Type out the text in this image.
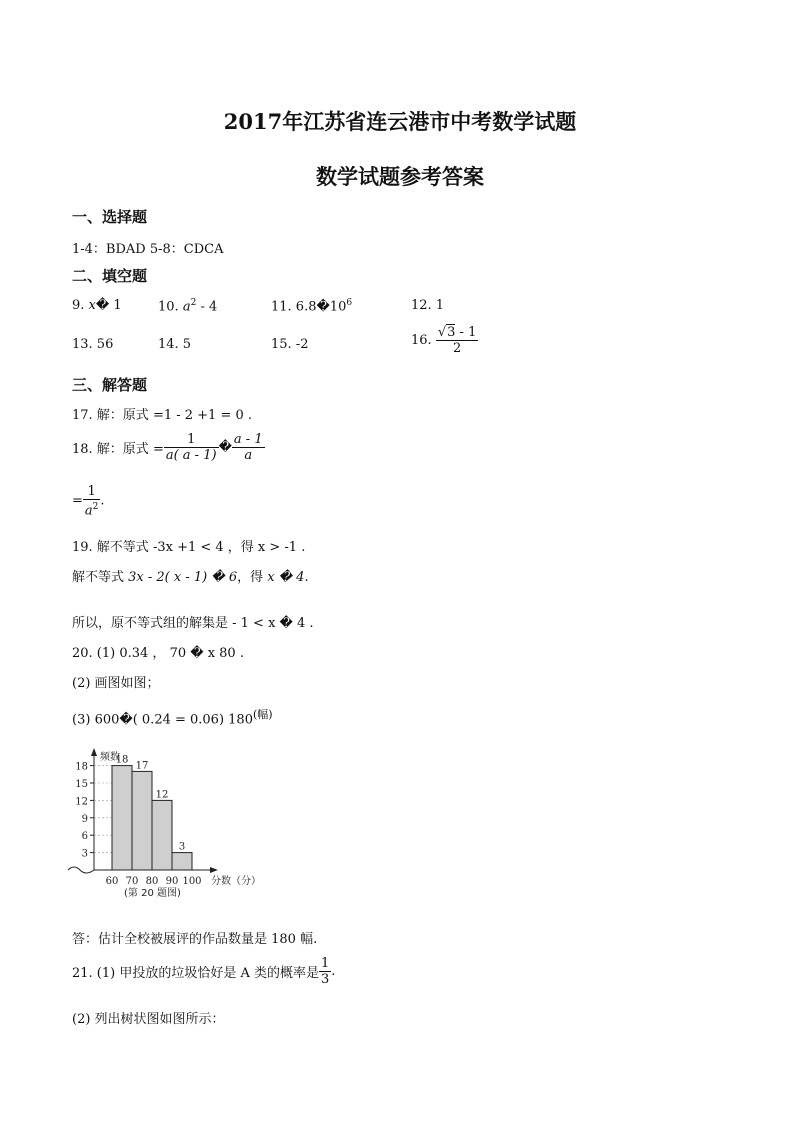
2017年江苏省连云港市中考数学试题
数学试题参考答案
一、选择题
1-4：BDAD 5-8：CDCA
二、填空题
9. x� 1	10. $a^2 - 4$	11. $6.8�10^6$	12. 1
13. 56	14. 5	15. -2	16. $\frac{√3 - 1}{2}$
三、解答题
17. 解：原式 =1 - 2 +1 = 0 .
18. 解：原式 = $\frac{1}{a( a - 1)}$ � $\frac{a - 1}{a}$
= $\frac{1}{a^2}$ .
19. 解不等式 -3x +1 < 4 ，得 x > -1 .
解不等式 3x - 2( x - 1) � 6，得 x � 4.
所以，原不等式组的解集是 - 1 < x � 4 .
20. (1) 0.34 ， 70 � x 80 .
(2) 画图如图；
(3) 600�( 0.24 = 0.06) $180^{(幅)}$
频数
分数（分）
(第 20 题图)
3
6
9
12
15
18
18
17
12
3
60 70 80 90 100
答：估计全校被展评的作品数量是 180 幅.
21. (1) 甲投放的垃圾恰好是 A 类的概率是 $\frac{1}{3}$ .
(2) 列出树状图如图所示：
